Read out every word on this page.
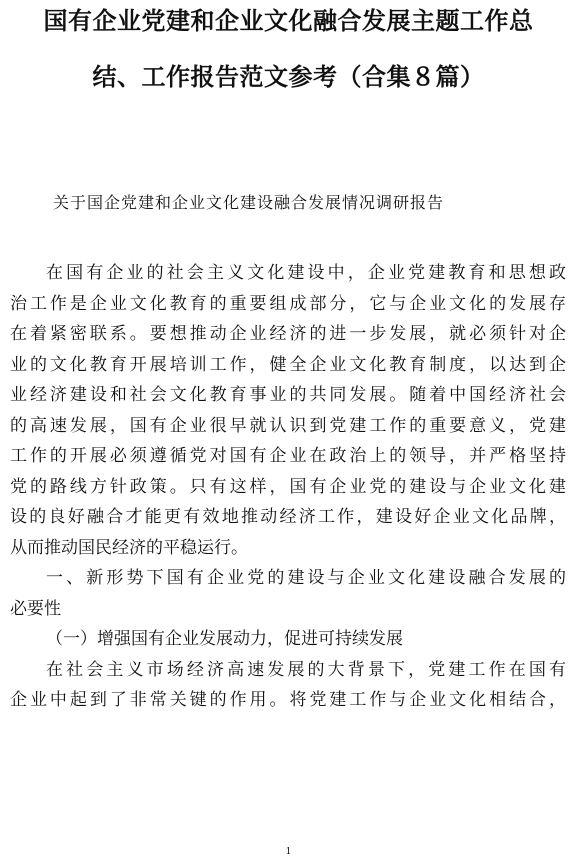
国有企业党建和企业文化融合发展主题工作总
结、工作报告范文参考（合集８篇）
关于国企党建和企业文化建设融合发展情况调研报告
在国有企业的社会主义文化建设中，企业党建教育和思想政
治工作是企业文化教育的重要组成部分，它与企业文化的发展存
在着紧密联系。要想推动企业经济的进一步发展，就必须针对企
业的文化教育开展培训工作，健全企业文化教育制度，以达到企
业经济建设和社会文化教育事业的共同发展。随着中国经济社会
的高速发展，国有企业很早就认识到党建工作的重要意义，党建
工作的开展必须遵循党对国有企业在政治上的领导，并严格坚持
党的路线方针政策。只有这样，国有企业党的建设与企业文化建
设的良好融合才能更有效地推动经济工作，建设好企业文化品牌，
从而推动国民经济的平稳运行。
一、新形势下国有企业党的建设与企业文化建设融合发展的
必要性
（一）增强国有企业发展动力，促进可持续发展
在社会主义市场经济高速发展的大背景下，党建工作在国有
企业中起到了非常关键的作用。将党建工作与企业文化相结合，
1
